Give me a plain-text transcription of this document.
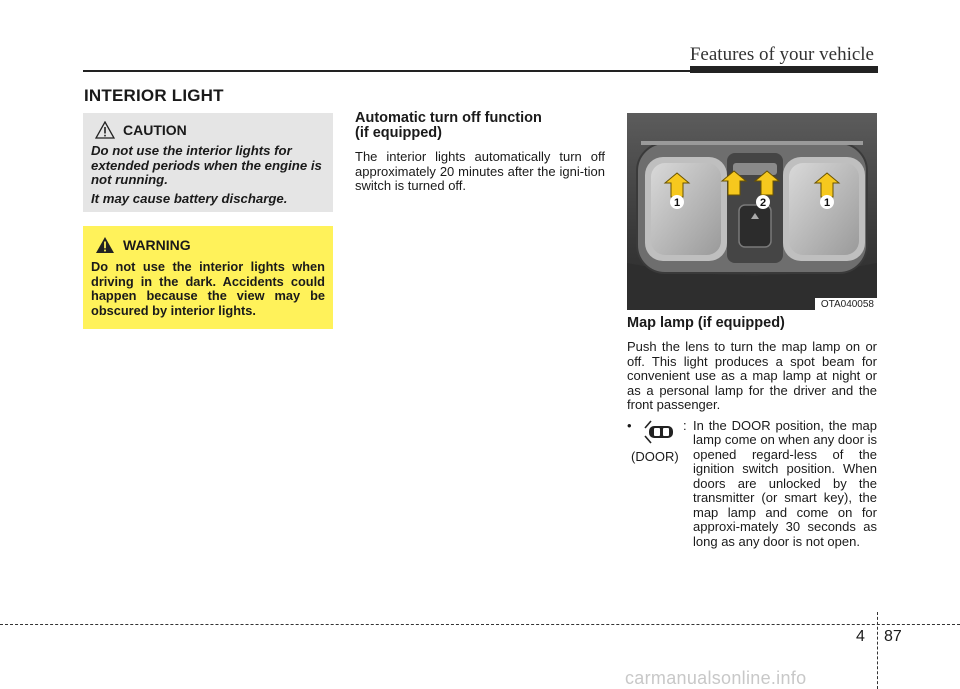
Features of your vehicle
INTERIOR LIGHT
CAUTION

Do not use the interior lights for extended periods when the engine is not running.

It may cause battery discharge.

WARNING
Do not use the interior lights when driving in the dark. Accidents could happen because the view may be obscured by interior lights.
Automatic turn off function
(if equipped)

The interior lights automatically turn off approximately 20 minutes after the igni-tion switch is turned off.

1	2	1
OTA040058
Map lamp (if equipped)

Push the lens to turn the map lamp on or off. This light produces a spot beam for convenient use as a map lamp at night or as a personal lamp for the driver and the front passenger.

•
(DOOR)
: In the DOOR position, the map lamp come on when any door is opened regard-less of the ignition switch position. When doors are unlocked by the transmitter (or smart key), the map lamp and come on for approxi-mately 30 seconds as long as any door is not open.
4 87
carmanualsonline.info
